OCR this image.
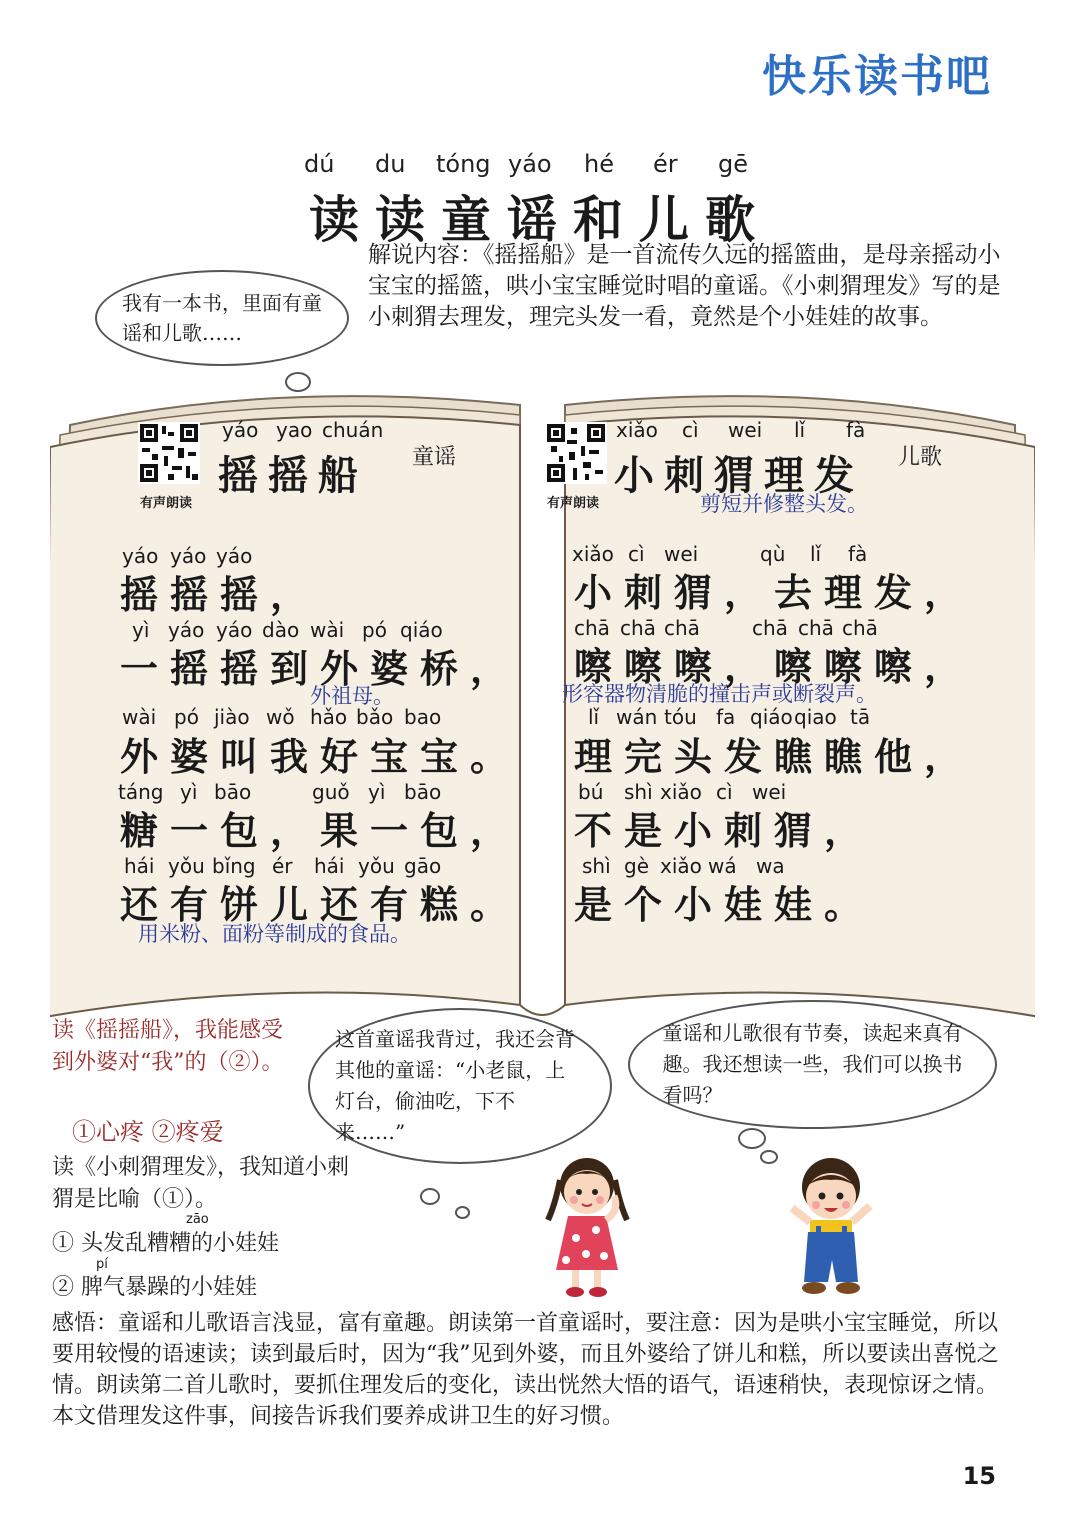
快乐读书吧
dú du tóng yáo hé ér gē
读读童谣和儿歌
解说内容：《摇摇船》是一首流传久远的摇篮曲，是母亲摇动小宝宝的摇篮，哄小宝宝睡觉时唱的童谣。《小刺猬理发》写的是小刺猬去理发，理完头发一看，竟然是个小娃娃的故事。
我有一本书，里面有童谣和儿歌……
有声朗读
yáo yao chuán
摇摇船 童谣
yáo yáo yáo
摇摇摇，
yì yáo yáo dào wài pó qiáo
一摇摇到外婆桥，
外祖母。
wài pó jiào wǒ hǎo bǎo bao
外婆叫我好宝宝。
táng yì bāo	guǒ yì bāo
糖一包，果一包，
hái yǒu bǐng ér hái yǒu gāo
还有饼儿还有糕。
用米粉、面粉等制成的食品。
有声朗读
xiǎo cì wei lǐ fà
小刺猬理发 儿歌
剪短并修整头发。
xiǎo cì wei	qù lǐ fà
小刺猬，去理发，
chā chā chā	chā chā chā
嚓嚓嚓，嚓嚓嚓，
形容器物清脆的撞击声或断裂声。
lǐ wán tóu fa qiáo qiao tā
理完头发瞧瞧他，
bú shì xiǎo cì wei
不是小刺猬，
shì gè xiǎo wá wa
是个小娃娃。
读《摇摇船》，我能感受到外婆对“我”的（②）。
①心疼 ②疼爱
读《小刺猬理发》，我知道小刺猬是比喻（①）。
zāo
① 头发乱糟糟的小娃娃
pí
② 脾气暴躁的小娃娃
这首童谣我背过，我还会背其他的童谣：“小老鼠，上灯台，偷油吃，下不来……”
童谣和儿歌很有节奏，读起来真有趣。我还想读一些，我们可以换书看吗？
感悟：童谣和儿歌语言浅显，富有童趣。朗读第一首童谣时，要注意：因为是哄小宝宝睡觉，所以要用较慢的语速读；读到最后时，因为“我”见到外婆，而且外婆给了饼儿和糕，所以要读出喜悦之情。朗读第二首儿歌时，要抓住理发后的变化，读出恍然大悟的语气，语速稍快，表现惊讶之情。本文借理发这件事，间接告诉我们要养成讲卫生的好习惯。
15
